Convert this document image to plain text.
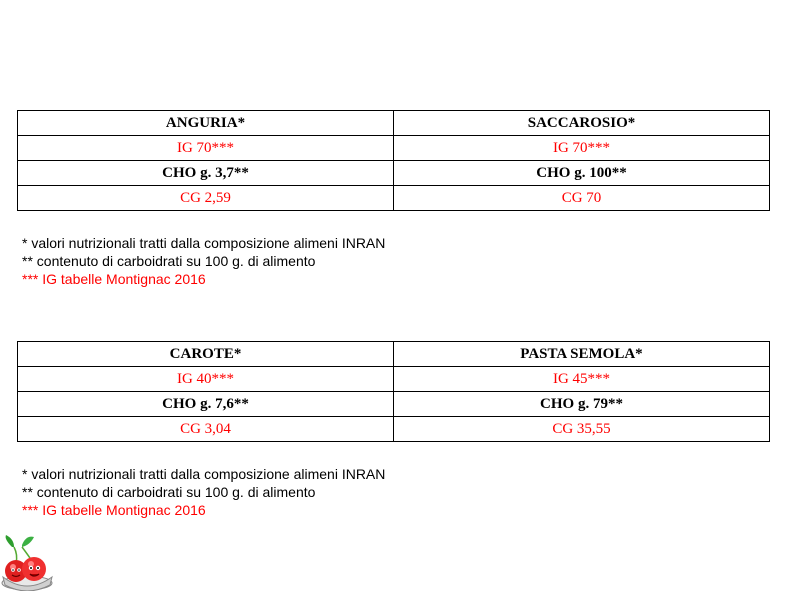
ANGURIA*	SACCAROSIO*
IG 70***	IG 70***
CHO g. 3,7**	CHO g. 100**
CG 2,59	CG 70
* valori nutrizionali tratti dalla composizione alimeni INRAN
** contenuto di carboidrati su 100 g. di alimento
*** IG tabelle Montignac 2016
CAROTE*	PASTA SEMOLA*
IG 40***	IG 45***
CHO g. 7,6**	CHO g. 79**
CG 3,04	CG 35,55
* valori nutrizionali tratti dalla composizione alimeni INRAN
** contenuto di carboidrati su 100 g. di alimento
*** IG tabelle Montignac 2016
